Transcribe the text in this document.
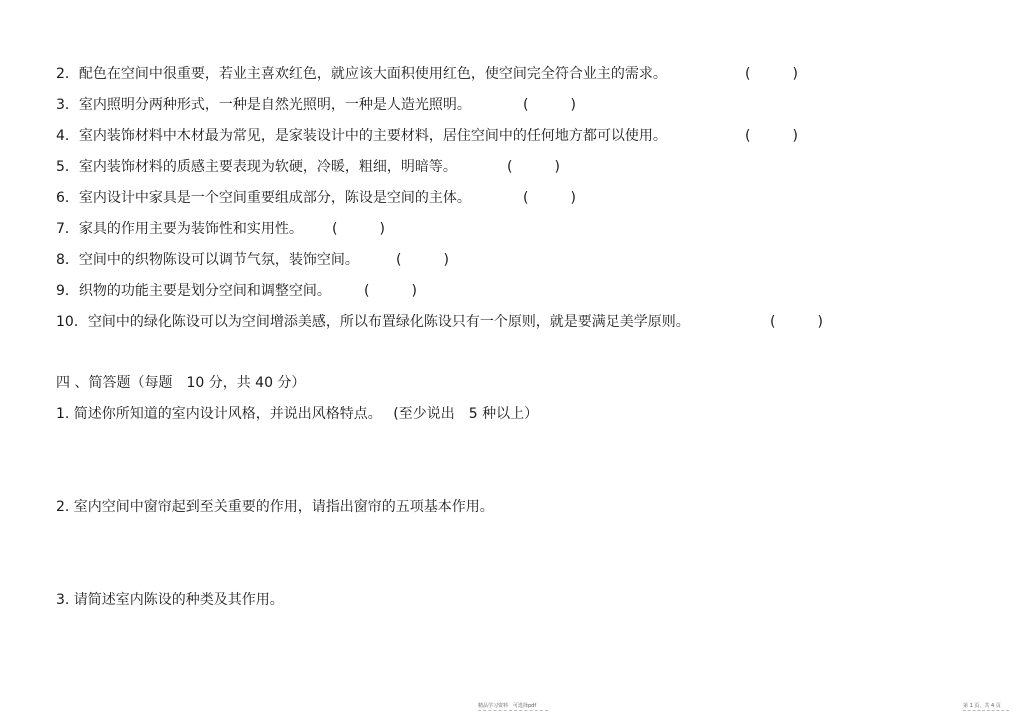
2．配色在空间中很重要，若业主喜欢红色，就应该大面积使用红色，使空间完全符合业主的需求。	(　　　)
3．室内照明分两种形式，一种是自然光照明，一种是人造光照明。	(　　　)
4．室内装饰材料中木材最为常见，是家装设计中的主要材料，居住空间中的任何地方都可以使用。	(　　　)
5．室内装饰材料的质感主要表现为软硬，冷暖，粗细，明暗等。	(　　　)
6．室内设计中家具是一个空间重要组成部分，陈设是空间的主体。	(　　　)
7．家具的作用主要为装饰性和实用性。 (　　　)
8．空间中的织物陈设可以调节气氛，装饰空间。	(　　　)
9．织物的功能主要是划分空间和调整空间。 (　　　)
10．空间中的绿化陈设可以为空间增添美感，所以布置绿化陈设只有一个原则，就是要满足美学原则。	(　　　)
四 、简答题（每题　10 分，共 40 分）
1. 简述你所知道的室内设计风格，并说出风格特点。　 (至少说出　5 种以上）
2. 室内空间中窗帘起到至关重要的作用，请指出窗帘的五项基本作用。
3. 请简述室内陈设的种类及其作用。
精品学习资料　可选择pdf	第 1 页，共 4 页
